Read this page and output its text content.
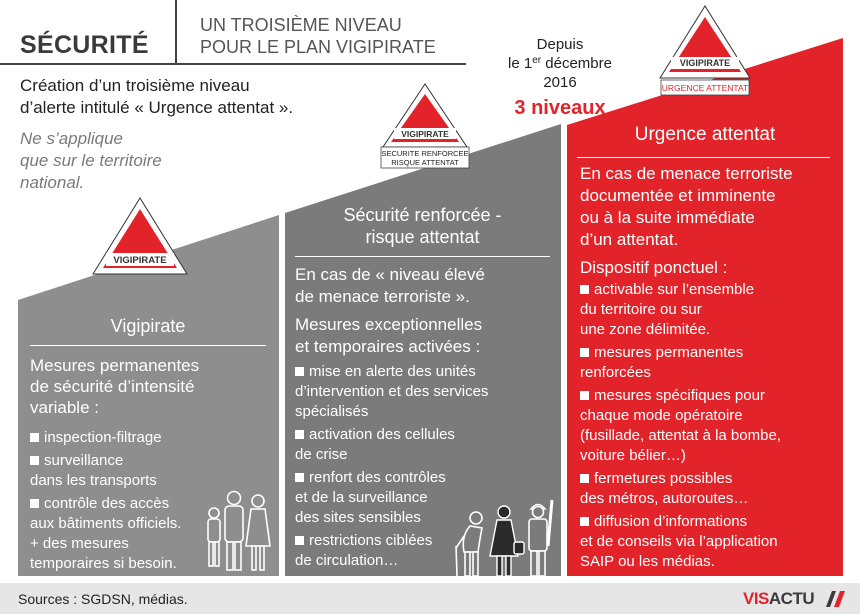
VIGIPIRATE
VIGIPIRATE
SECURITE RENFORCEE
RISQUE ATTENTAT
VIGIPIRATE
URGENCE ATTENTAT
SÉCURITÉ
UN TROISIÈME NIVEAU
POUR LE PLAN VIGIPIRATE	Depuis
le 1er décembre
2016
3 niveaux
Création d’un troisième niveau
d’alerte intitulé « Urgence attentat ».
Ne s’applique
que sur le territoire
national.
Vigipirate
Mesures permanentes
de sécurité d’intensité
variable :
inspection-filtrage
surveillance
dans les transports
contrôle des accès
aux bâtiments officiels.
+ des mesures
temporaires si besoin.
Sécurité renforcée -
risque attentat
En cas de « niveau élevé
de menace terroriste ».
Mesures exceptionnelles
et temporaires activées :
mise en alerte des unités
d’intervention et des services
spécialisés
activation des cellules
de crise
renfort des contrôles
et de la surveillance
des sites sensibles
restrictions ciblées
de circulation…
Urgence attentat
En cas de menace terroriste
documentée et imminente
ou à la suite immédiate
d’un attentat.
Dispositif ponctuel :
activable sur l’ensemble
du territoire ou sur
une zone délimitée.
mesures permanentes
renforcées
mesures spécifiques pour
chaque mode opératoire
(fusillade, attentat à la bombe,
voiture bélier…)
fermetures possibles
des métros, autoroutes…
diffusion d’informations
et de conseils via l’application
SAIP ou les médias.
Sources : SGDSN, médias.	VISACTU
